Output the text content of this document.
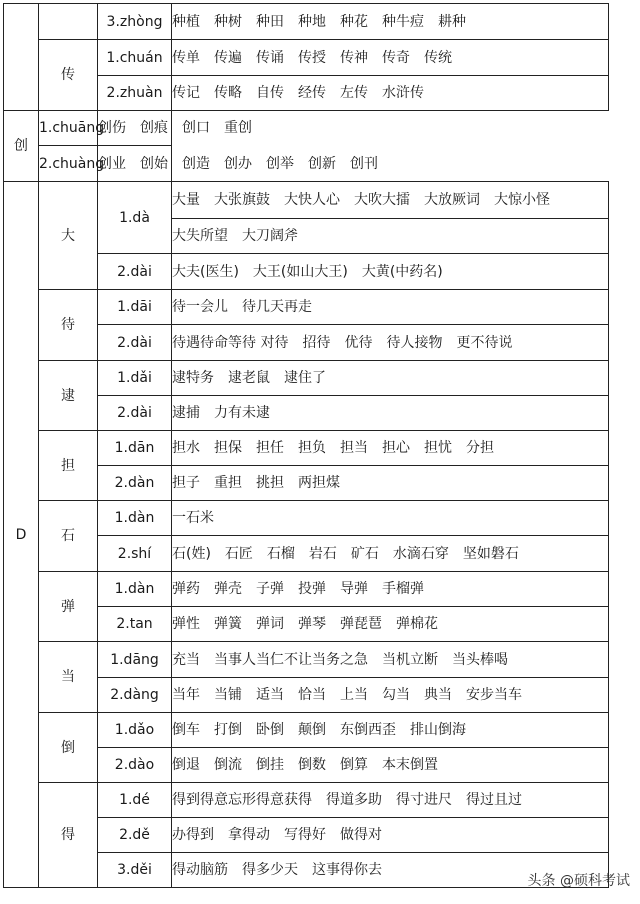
		3.zhòng	种植　种树　种田　种地　种花　种牛痘　耕种
	传	1.chuán	传单　传遍　传诵　传授　传神　传奇　传统
		2.zhuàn	传记　传略　自传　经传　左传　水浒传
创	1.chuāng	创伤　创痕　创口　重创	
	2.chuàng	创业　创始　创造　创办　创举　创新　创刊	
D	大	1.dà	大量　大张旗鼓　大快人心　大吹大擂　大放厥词　大惊小怪
			大失所望　大刀阔斧
		2.dài	大夫(医生)　大王(如山大王)　大黄(中药名)
	待	1.dāi	待一会儿　待几天再走
		2.dài	待遇待命等待 对待　招待　优待　待人接物　更不待说
	逮	1.dǎi	逮特务　逮老鼠　逮住了
		2.dài	逮捕　力有未逮
	担	1.dān	担水　担保　担任　担负　担当　担心　担忧　分担
		2.dàn	担子　重担　挑担　两担煤
	石	1.dàn	一石米
		2.shí	石(姓)　石匠　石榴　岩石　矿石　水滴石穿　坚如磐石
	弹	1.dàn	弹药　弹壳　子弹　投弹　导弹　手榴弹
		2.tan	弹性　弹簧　弹词　弹琴　弹琵琶　弹棉花
	当	1.dāng	充当　当事人当仁不让当务之急　当机立断　当头棒喝
		2.dàng	当年　当铺　适当　恰当　上当　勾当　典当　安步当车
	倒	1.dǎo	倒车　打倒　卧倒　颠倒　东倒西歪　排山倒海
		2.dào	倒退　倒流　倒挂　倒数　倒算　本末倒置
	得	1.dé	得到得意忘形得意获得　得道多助　得寸进尺　得过且过
		2.dě	办得到　拿得动　写得好　做得对
		3.děi	得动脑筋　得多少天　这事得你去
头条 @硕科考试
